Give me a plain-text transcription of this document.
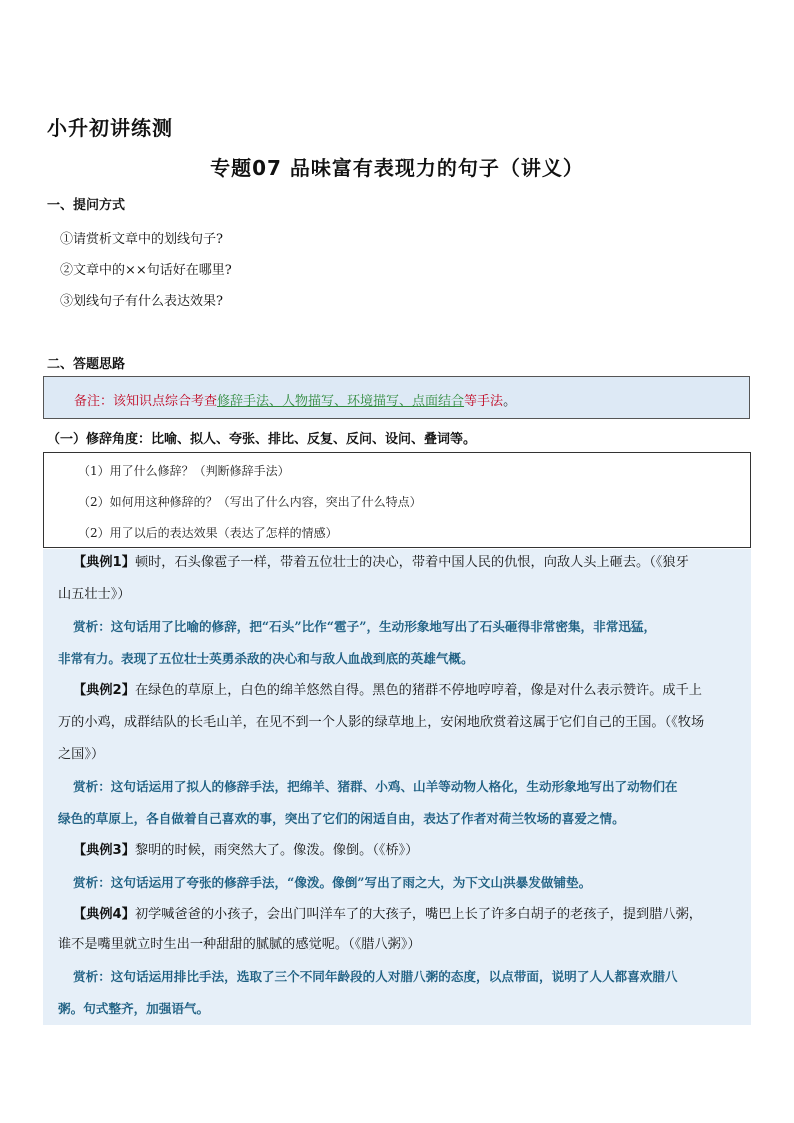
小升初讲练测
专题07 品味富有表现力的句子（讲义）
一、提问方式
①请赏析文章中的划线句子?
②文章中的××句话好在哪里?
③划线句子有什么表达效果?
二、答题思路
备注：该知识点综合考查修辞手法、人物描写、环境描写、点面结合等手法。
（一）修辞角度：比喻、拟人、夸张、排比、反复、反问、设问、叠词等。
（1）用了什么修辞？（判断修辞手法）
（2）如何用这种修辞的？（写出了什么内容，突出了什么特点）
（2）用了以后的表达效果（表达了怎样的情感）
【典例1】顿时，石头像雹子一样，带着五位壮士的决心，带着中国人民的仇恨，向敌人头上砸去。（《狼牙
山五壮士》）
赏析：这句话用了比喻的修辞，把“石头”比作“雹子”，生动形象地写出了石头砸得非常密集，非常迅猛，
非常有力。表现了五位壮士英勇杀敌的决心和与敌人血战到底的英雄气概。
【典例2】在绿色的草原上，白色的绵羊悠然自得。黑色的猪群不停地哼哼着，像是对什么表示赞许。成千上
万的小鸡，成群结队的长毛山羊，在见不到一个人影的绿草地上，安闲地欣赏着这属于它们自己的王国。（《牧场
之国》）
赏析：这句话运用了拟人的修辞手法，把绵羊、猪群、小鸡、山羊等动物人格化，生动形象地写出了动物们在
绿色的草原上，各自做着自己喜欢的事，突出了它们的闲适自由，表达了作者对荷兰牧场的喜爱之情。
【典例3】黎明的时候，雨突然大了。像泼。像倒。（《桥》）
赏析：这句话运用了夸张的修辞手法，“像泼。像倒”写出了雨之大，为下文山洪暴发做铺垫。
【典例4】初学喊爸爸的小孩子，会出门叫洋车了的大孩子，嘴巴上长了许多白胡子的老孩子，提到腊八粥，
谁不是嘴里就立时生出一种甜甜的腻腻的感觉呢。（《腊八粥》）
赏析：这句话运用排比手法，选取了三个不同年龄段的人对腊八粥的态度，以点带面，说明了人人都喜欢腊八
粥。句式整齐，加强语气。
